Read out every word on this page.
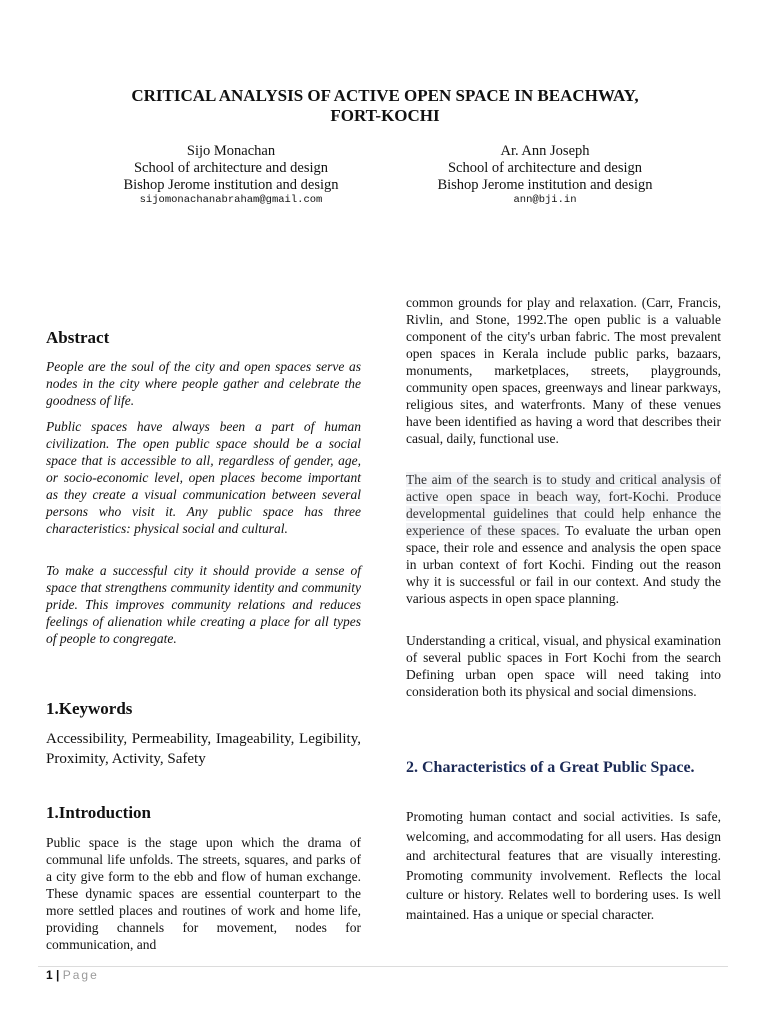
CRITICAL ANALYSIS OF ACTIVE OPEN SPACE IN BEACHWAY,
FORT-KOCHI
Sijo Monachan
School of architecture and design
Bishop Jerome institution and design
sijomonachanabraham@gmail.com
Ar. Ann Joseph
School of architecture and design
Bishop Jerome institution and design
ann@bji.in
Abstract
People are the soul of the city and open spaces serve as nodes in the city where people gather and celebrate the goodness of life.
Public spaces have always been a part of human civilization. The open public space should be a social space that is accessible to all, regardless of gender, age, or socio-economic level, open places become important as they create a visual communication between several persons who visit it. Any public space has three characteristics: physical social and cultural.
To make a successful city it should provide a sense of space that strengthens community identity and community pride. This improves community relations and reduces feelings of alienation while creating a place for all types of people to congregate.
1.Keywords
Accessibility, Permeability, Imageability, Legibility, Proximity, Activity, Safety
1.Introduction
Public space is the stage upon which the drama of communal life unfolds. The streets, squares, and parks of a city give form to the ebb and flow of human exchange. These dynamic spaces are essential counterpart to the more settled places and routines of work and home life, providing channels for movement, nodes for communication, and
common grounds for play and relaxation. (Carr, Francis, Rivlin, and Stone, 1992.The open public is a valuable component of the city's urban fabric. The most prevalent open spaces in Kerala include public parks, bazaars, monuments, marketplaces, streets, playgrounds, community open spaces, greenways and linear parkways, religious sites, and waterfronts. Many of these venues have been identified as having a word that describes their casual, daily, functional use.
The aim of the search is to study and critical analysis of active open space in beach way, fort-Kochi. Produce developmental guidelines that could help enhance the experience of these spaces. To evaluate the urban open space, their role and essence and analysis the open space in urban context of fort Kochi. Finding out the reason why it is successful or fail in our context. And study the various aspects in open space planning.
Understanding a critical, visual, and physical examination of several public spaces in Fort Kochi from the search Defining urban open space will need taking into consideration both its physical and social dimensions.
2. Characteristics of a Great Public Space.
Promoting human contact and social activities. Is safe, welcoming, and accommodating for all users. Has design and architectural features that are visually interesting. Promoting community involvement. Reflects the local culture or history. Relates well to bordering uses. Is well maintained. Has a unique or special character.
1 | Page
